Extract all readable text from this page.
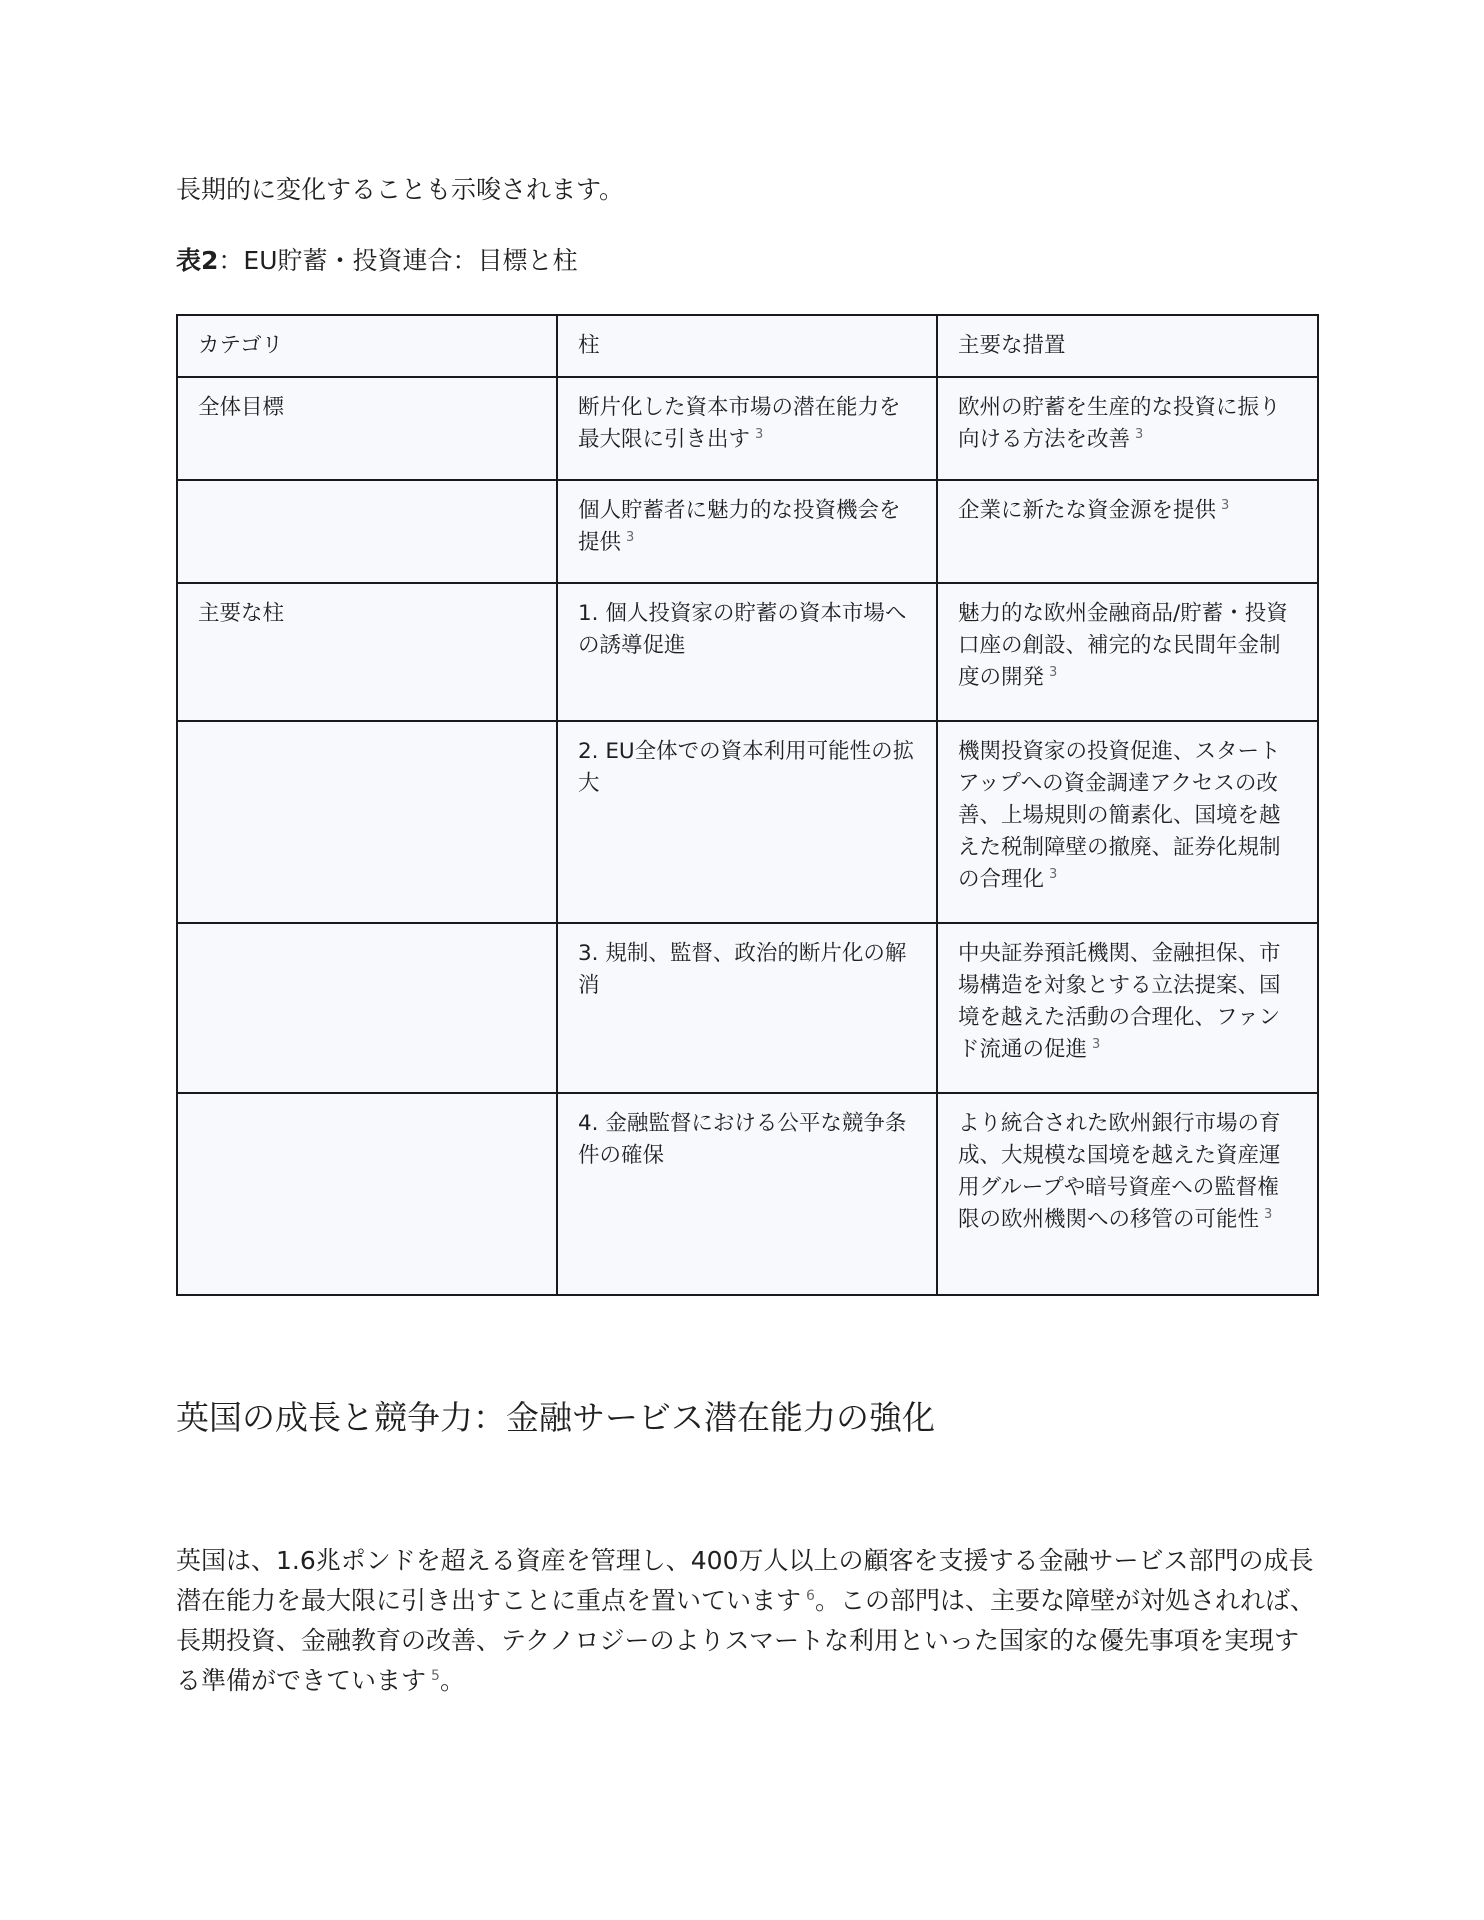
長期的に変化することも示唆されます。

表2：EU貯蓄・投資連合：目標と柱

カテゴリ	柱	主要な措置
全体目標	断片化した資本市場の潜在能力を最大限に引き出す $^3$	欧州の貯蓄を生産的な投資に振り向ける方法を改善 $^3$
	個人貯蓄者に魅力的な投資機会を提供 $^3$	企業に新たな資金源を提供 $^3$
主要な柱	1. 個人投資家の貯蓄の資本市場への誘導促進	魅力的な欧州金融商品/貯蓄・投資口座の創設、補完的な民間年金制度の開発 $^3$
	2. EU全体での資本利用可能性の拡大	機関投資家の投資促進、スタートアップへの資金調達アクセスの改善、上場規則の簡素化、国境を越えた税制障壁の撤廃、証券化規制の合理化 $^3$
	3. 規制、監督、政治的断片化の解消	中央証券預託機関、金融担保、市場構造を対象とする立法提案、国境を越えた活動の合理化、ファンド流通の促進 $^3$
	4. 金融監督における公平な競争条件の確保	より統合された欧州銀行市場の育成、大規模な国境を越えた資産運用グループや暗号資産への監督権限の欧州機関への移管の可能性 $^3$
英国の成長と競争力：金融サービス潜在能力の強化

英国は、1.6兆ポンドを超える資産を管理し、400万人以上の顧客を支援する金融サービス部門の成長潜在能力を最大限に引き出すことに重点を置いています $^6$。この部門は、主要な障壁が対処されれば、長期投資、金融教育の改善、テクノロジーのよりスマートな利用といった国家的な優先事項を実現する準備ができています $^5$。
